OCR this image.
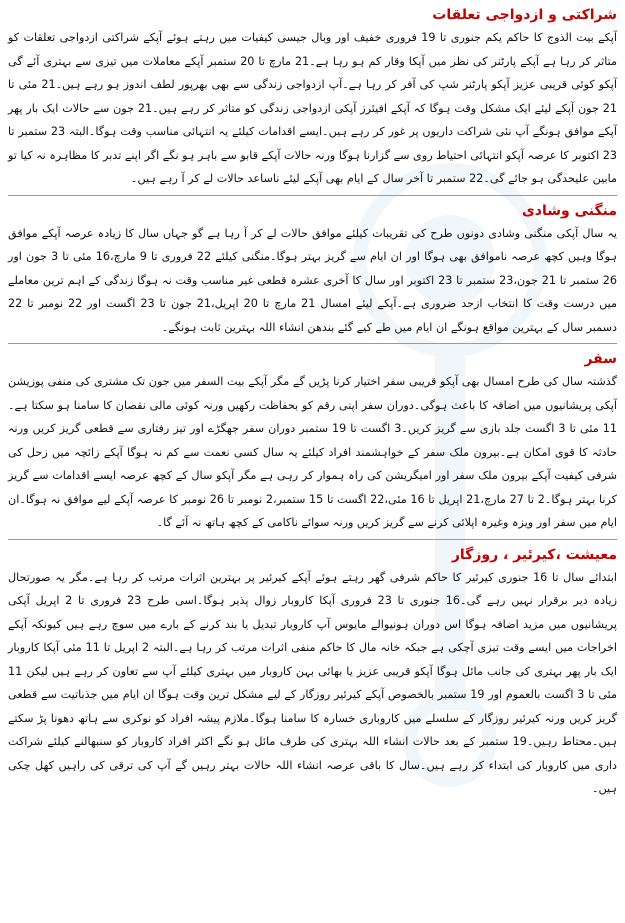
شراکتی و ازدواجی تعلقات

آپکے بیت الذوج کا حاکم یکم جنوری تا 19 فروری خفیف اور وبال جیسی کیفیات میں رہتے ہوئے آپکے شراکتی ازدواجی تعلقات کو متاثر کر رہا ہے آپکے پارٹنر کی نظر میں آپکا وقار کم ہو رہا ہے۔21 مارچ تا 20 ستمبر آپکے معاملات میں تیزی سے بہتری آئے گی آپکو کوئی قریبی عزیز آپکو پارٹنر شپ کی آفر کر رہا ہے۔آپ ازدواجی زندگی سے بھی بھرپور لطف اندوز ہو رہے ہیں۔21 مئی تا 21 جون آپکے لیئے ایک مشکل وقت ہوگا کہ آپکے افیئرز آپکی ازدواجی زندگی کو متاثر کر رہے ہیں۔21 جون سے حالات ایک بار پھر آپکے موافق ہونگے آپ نئی شراکت داریوں پر غور کر رہے ہیں۔ایسے اقدامات کیلئے یہ انتہائی مناسب وقت ہوگا۔البتہ 23 ستمبر تا 23 اکتوبر کا عرصہ آپکو انتہائی احتیاط روی سے گزارنا ہوگا ورنہ حالات آپکے قابو سے باہر ہو نگے اگر اپنے تدبر کا مظاہرہ نہ کیا تو مابین علیحدگی ہو جائے گی۔22 ستمبر تا آخر سال کے ایام بھی آپکے لیئے ناساعد حالات لے کر آ رہے ہیں۔

منگنی وشادی

یہ سال آپکی منگنی وشادی دونوں طرح کی تقریبات کیلئے موافق حالات لے کر آ رہا ہے گو جہاں سال کا زیادہ عرصہ آپکے موافق ہوگا وہیں کچھ عرصہ ناموافق بھی ہوگا اور ان ایام سے گریز بہتر ہوگا۔منگنی کیلئے 22 فروری تا 9 مارچ،16 مئی تا 3 جون اور 26 ستمبر تا 21 جون،23 ستمبر تا 23 اکتوبر اور سال کا آخری عشرہ قطعی غیر مناسب وقت نہ ہوگا زندگی کے اہم ترین معاملے میں درست وقت کا انتخاب ازحد ضروری ہے۔آپکے لیئے امسال 21 مارچ تا 20 اپریل،21 جون تا 23 اگست اور 22 نومبر تا 22 دسمبر سال کے بہترین مواقع ہونگے ان ایام میں طے کیے گئے بندھن انشاء اللہ بہترین ثابت ہونگے۔

سفر

گذشتہ سال کی طرح امسال بھی آپکو قریبی سفر اختیار کرنا پڑیں گے مگر آپکے بیت السفر میں جون تک مشتری کی منفی پوزیشن آپکی پریشانیوں میں اضافہ کا باعث ہوگی۔دوران سفر اپنی رقم کو بحفاظت رکھیں ورنہ کوئی مالی نقصان کا سامنا ہو سکتا ہے۔11 مئی تا 3 اگست جلد بازی سے گریز کریں۔3 اگست تا 19 ستمبر دوران سفر جھگڑے اور تیز رفتاری سے قطعی گریز کریں ورنہ حادثہ کا قوی امکان ہے۔بیرون ملک سفر کے خواہشمند افراد کیلئے یہ سال کسی نعمت سے کم نہ ہوگا آپکے زائچہ میں زحل کی شرفی کیفیت آپکے بیرون ملک سفر اور امیگریشن کی راہ ہموار کر رہی ہے مگر آپکو سال کے کچھ عرصہ ایسے اقدامات سے گریز کرنا بہتر ہوگا۔2 تا 27 مارچ،21 اپریل تا 16 مئی،22 اگست تا 15 ستمبر،2 نومبر تا 26 نومبر کا عرصہ آپکے لیے موافق نہ ہوگا۔ان ایام میں سفر اور ویزہ وغیرہ اپلائی کرنے سے گریز کریں ورنہ سوائے ناکامی کے کچھ ہاتھ نہ آئے گا۔

معیشت ،کیرئیر ، روزگار

ابتدائے سال تا 16 جنوری کیرئیر کا حاکم شرفی گھر رہتے ہوئے آپکے کیرئیر پر بہترین اثرات مرتب کر رہا ہے۔مگر یہ صورتحال زیادہ دیر برقرار نہیں رہے گی۔16 جنوری تا 23 فروری آپکا کاروبار زوال پذیر ہوگا۔اسی طرح 23 فروری تا 2 اپریل آپکی پریشانیوں میں مزید اضافہ ہوگا اس دوران ہونیوالے مایوس آپ کاروبار تبدیل یا بند کرنے کے بارے میں سوچ رہے ہیں کیونکہ آپکے اخراجات میں ایسے وقت تیزی آچکی ہے جبکہ خانہ مال کا حاکم منفی اثرات مرتب کر رہا ہے۔البتہ 2 اپریل تا 11 مئی آپکا کاروبار ایک بار پھر بہتری کی جانب مائل ہوگا آپکو قریبی عزیز یا بھائی بہن کاروبار میں بہتری کیلئے آپ سے تعاون کر رہے ہیں لیکن 11 مئی تا 3 اگست بالعموم اور 19 ستمبر بالخصوص آپکے کیرئیر روزگار کے لیے مشکل ترین وقت ہوگا ان ایام میں جذباتیت سے قطعی گریز کریں ورنہ کیرئیر روزگار کے سلسلے میں کاروباری خسارہ کا سامنا ہوگا۔ملازم پیشہ افراد کو نوکری سے ہاتھ دھونا پڑ سکتے ہیں۔محتاط رہیں۔19 ستمبر کے بعد حالات انشاء اللہ بہتری کی طرف مائل ہو نگے اکثر افراد کاروبار کو سنبھالنے کیلئے شراکت داری میں کاروبار کی ابتداء کر رہے ہیں۔سال کا باقی عرصہ انشاء اللہ حالات بہتر رہیں گے آپ کی ترقی کی راہیں کھل چکی ہیں۔
